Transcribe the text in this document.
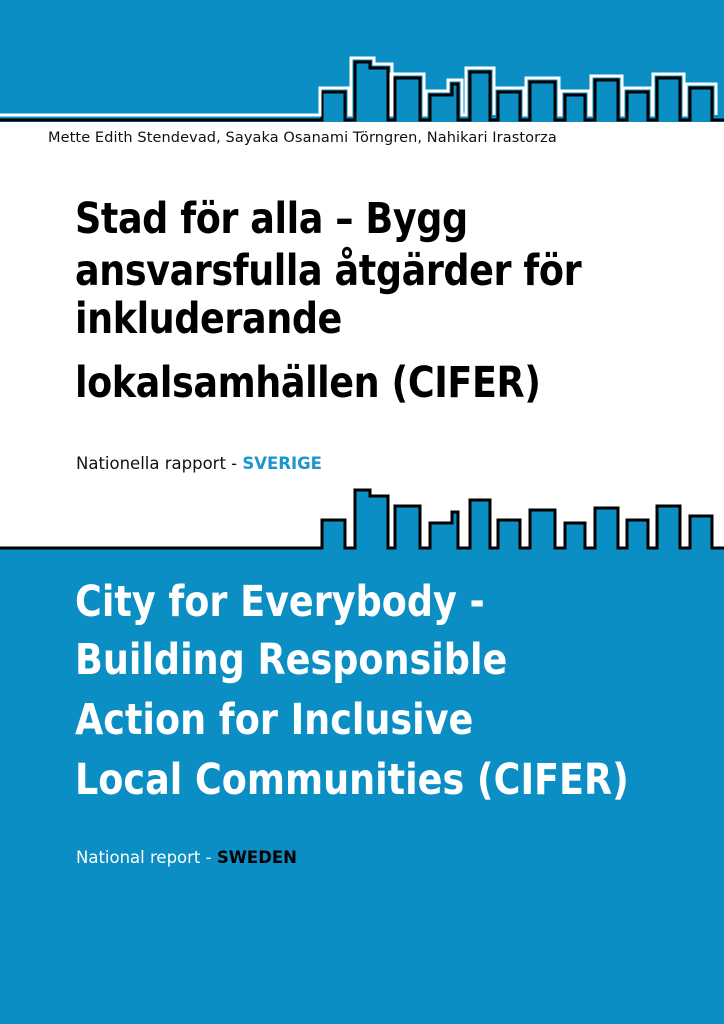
Mette Edith Stendevad, Sayaka Osanami Törngren, Nahikari Irastorza
Stad för alla – Bygg
ansvarsfulla åtgärder för
inkluderande
lokalsamhällen (CIFER)
Nationella rapport - SVERIGE
City for Everybody -
Building Responsible
Action for Inclusive
Local Communities (CIFER)
National report - SWEDEN
